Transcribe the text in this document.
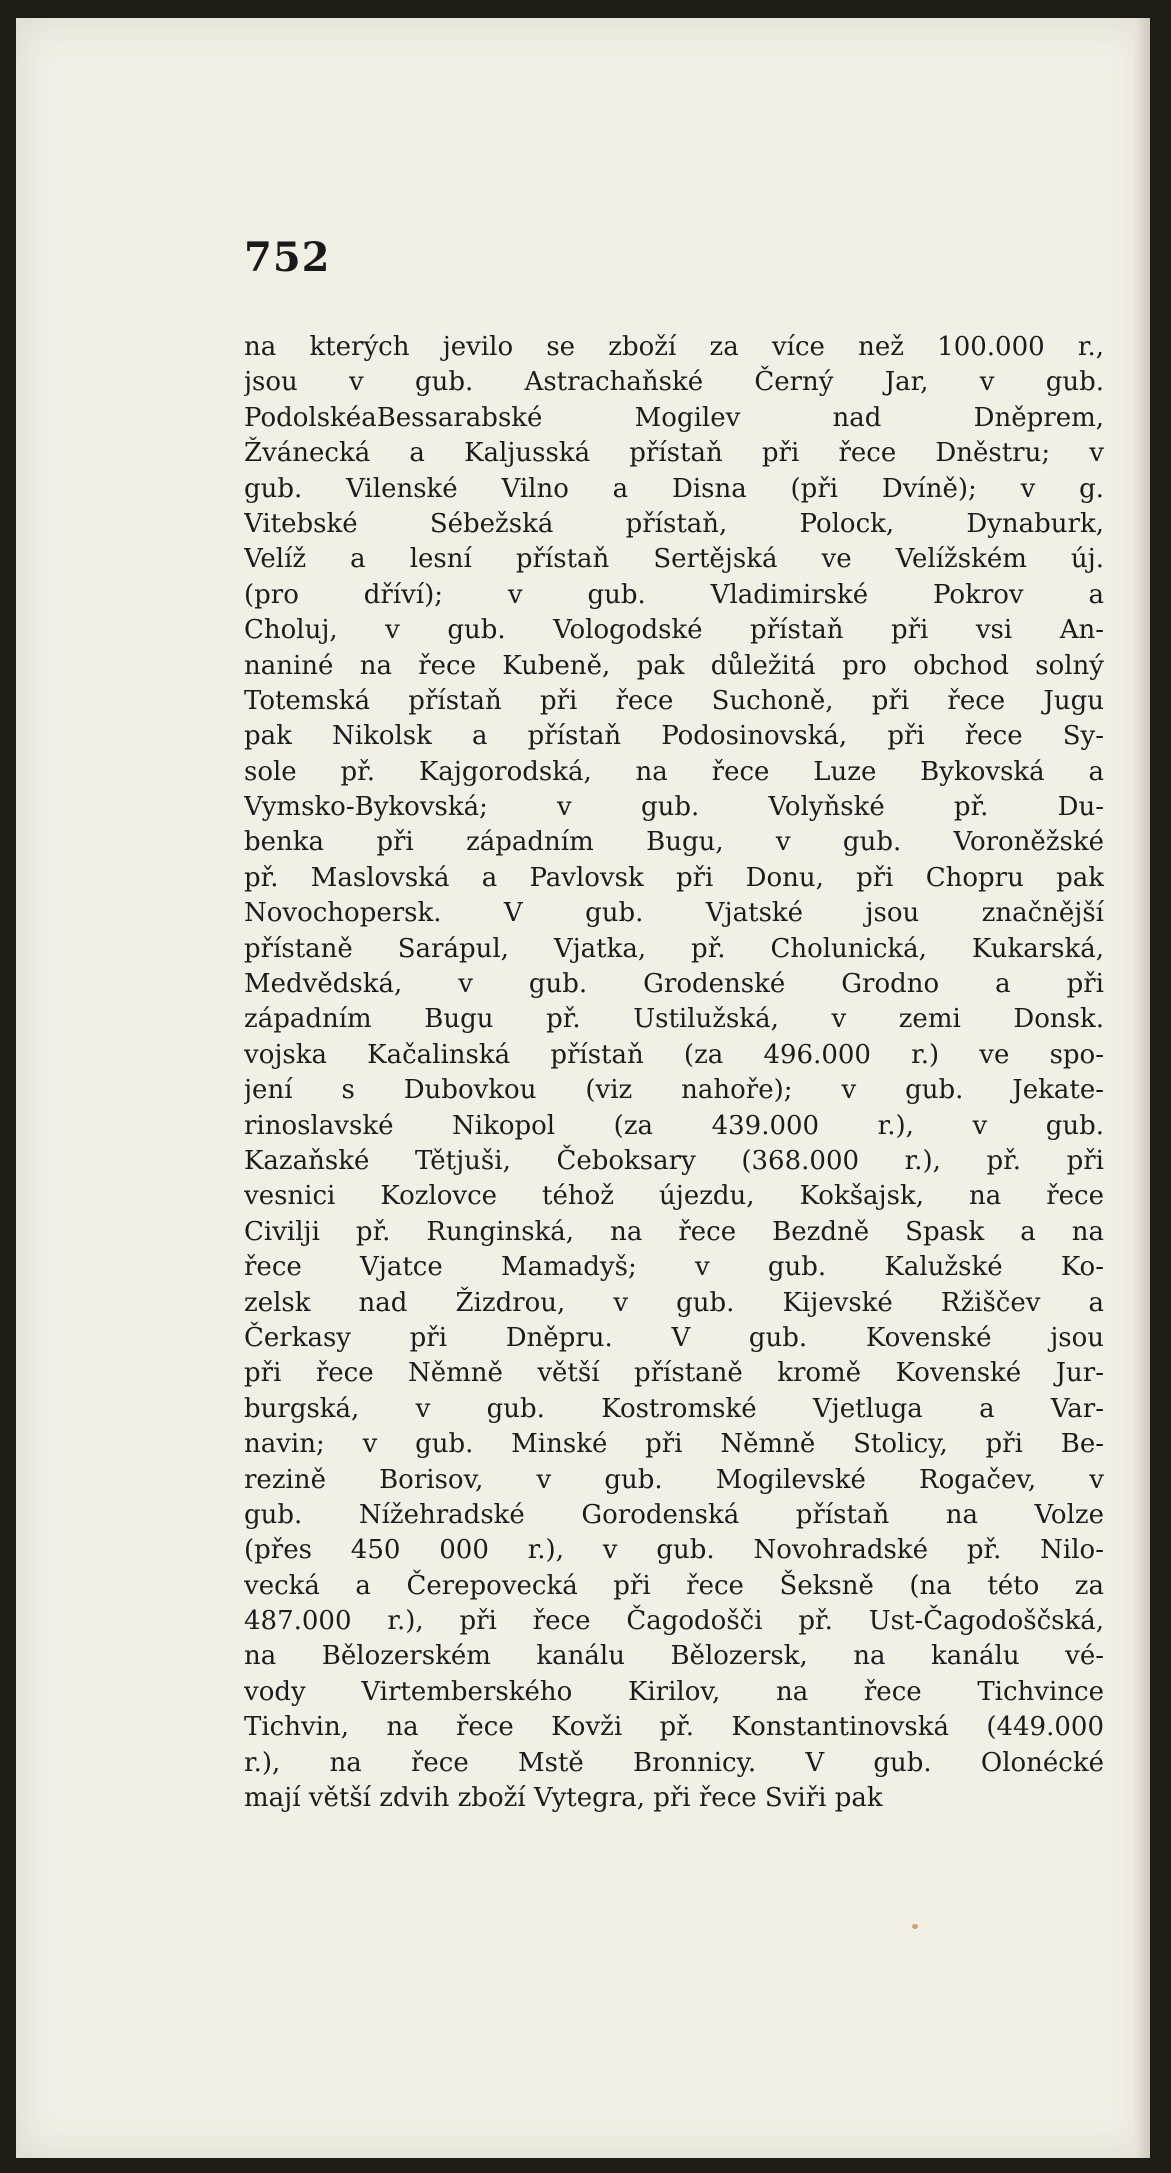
752
na kterých jevilo se zboží za více než 100.000 r.,
jsou v gub. Astrachaňské Černý Jar, v gub.
PodolskéaBessarabské Mogilev nad Dněprem,
Žvánecká a Kaljusská přístaň při řece Dněstru; v
gub. Vilenské Vilno a Disna (při Dvíně); v g.
Vitebské Sébežská přístaň, Polock, Dynaburk,
Velíž a lesní přístaň Sertějská ve Velížském új.
(pro dříví); v gub. Vladimirské Pokrov a
Choluj, v gub. Vologodské přístaň při vsi An-
naniné na řece Kubeně, pak důležitá pro obchod solný
Totemská přístaň při řece Suchoně, při řece Jugu
pak Nikolsk a přístaň Podosinovská, při řece Sy-
sole př. Kajgorodská, na řece Luze Bykovská a
Vymsko-Bykovská; v gub. Volyňské př. Du-
benka při západním Bugu, v gub. Voroněžské
př. Maslovská a Pavlovsk při Donu, při Chopru pak
Novochopersk. V gub. Vjatské jsou značnější
přístaně Sarápul, Vjatka, př. Cholunická, Kukarská,
Medvědská, v gub. Grodenské Grodno a při
západním Bugu př. Ustilužská, v zemi Donsk.
vojska Kačalinská přístaň (za 496.000 r.) ve spo-
jení s Dubovkou (viz nahoře); v gub. Jekate-
rinoslavské Nikopol (za 439.000 r.), v gub.
Kazaňské Tětjuši, Čeboksary (368.000 r.), př. při
vesnici Kozlovce téhož újezdu, Kokšajsk, na řece
Civilji př. Runginská, na řece Bezdně Spask a na
řece Vjatce Mamadyš; v gub. Kalužské Ko-
zelsk nad Žizdrou, v gub. Kijevské Ržiščev a
Čerkasy při Dněpru. V gub. Kovenské jsou
při řece Němně větší přístaně kromě Kovenské Jur-
burgská, v gub. Kostromské Vjetluga a Var-
navin; v gub. Minské při Němně Stolicy, při Be-
rezině Borisov, v gub. Mogilevské Rogačev, v
gub. Nížehradské Gorodenská přístaň na Volze
(přes 450 000 r.), v gub. Novohradské př. Nilo-
vecká a Čerepovecká při řece Šeksně (na této za
487.000 r.), při řece Čagodošči př. Ust-Čagodoščská,
na Bělozerském kanálu Bělozersk, na kanálu vé-
vody Virtemberského Kirilov, na řece Tichvince
Tichvin, na řece Kovži př. Konstantinovská (449.000
r.), na řece Mstě Bronnicy. V gub. Olonécké
mají větší zdvih zboží Vytegra, při řece Sviři pak
